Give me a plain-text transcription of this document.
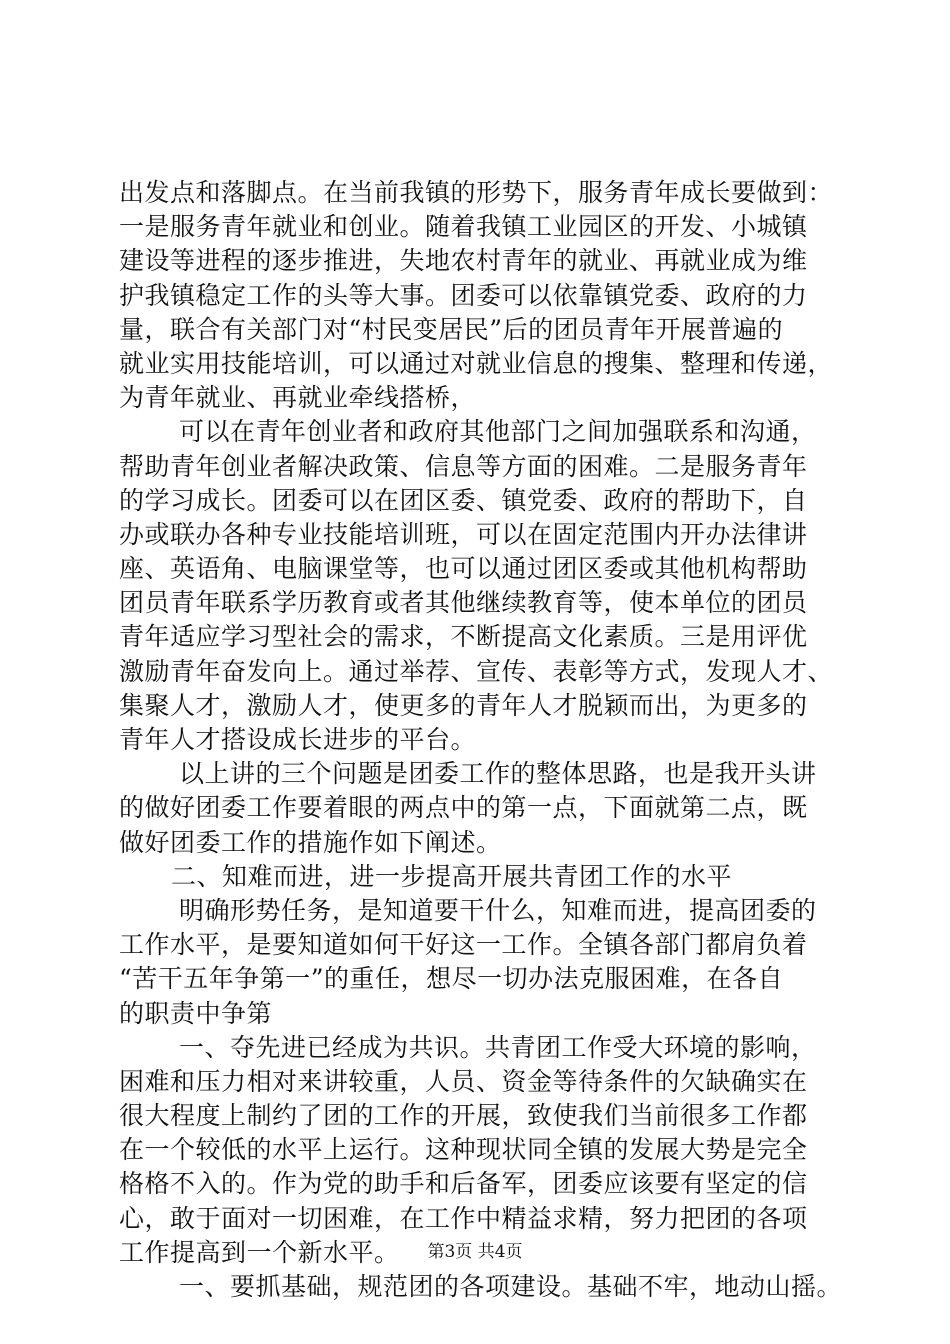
出发点和落脚点。在当前我镇的形势下，服务青年成长要做到：
一是服务青年就业和创业。随着我镇工业园区的开发、小城镇
建设等进程的逐步推进，失地农村青年的就业、再就业成为维
护我镇稳定工作的头等大事。团委可以依靠镇党委、政府的力
量，联合有关部门对“村民变居民”后的团员青年开展普遍的
就业实用技能培训，可以通过对就业信息的搜集、整理和传递，
为青年就业、再就业牵线搭桥，
可以在青年创业者和政府其他部门之间加强联系和沟通，
帮助青年创业者解决政策、信息等方面的困难。二是服务青年
的学习成长。团委可以在团区委、镇党委、政府的帮助下，自
办或联办各种专业技能培训班，可以在固定范围内开办法律讲
座、英语角、电脑课堂等，也可以通过团区委或其他机构帮助
团员青年联系学历教育或者其他继续教育等，使本单位的团员
青年适应学习型社会的需求，不断提高文化素质。三是用评优
激励青年奋发向上。通过举荐、宣传、表彰等方式，发现人才、
集聚人才，激励人才，使更多的青年人才脱颖而出，为更多的
青年人才搭设成长进步的平台。
以上讲的三个问题是团委工作的整体思路，也是我开头讲
的做好团委工作要着眼的两点中的第一点，下面就第二点，既
做好团委工作的措施作如下阐述。
二、知难而进，进一步提高开展共青团工作的水平
明确形势任务，是知道要干什么，知难而进，提高团委的
工作水平，是要知道如何干好这一工作。全镇各部门都肩负着
“苦干五年争第一”的重任，想尽一切办法克服困难，在各自
的职责中争第
一、夺先进已经成为共识。共青团工作受大环境的影响，
困难和压力相对来讲较重，人员、资金等待条件的欠缺确实在
很大程度上制约了团的工作的开展，致使我们当前很多工作都
在一个较低的水平上运行。这种现状同全镇的发展大势是完全
格格不入的。作为党的助手和后备军，团委应该要有坚定的信
心，敢于面对一切困难，在工作中精益求精，努力把团的各项
工作提高到一个新水平。
一、要抓基础，规范团的各项建设。基础不牢，地动山摇。
第3页 共4页
